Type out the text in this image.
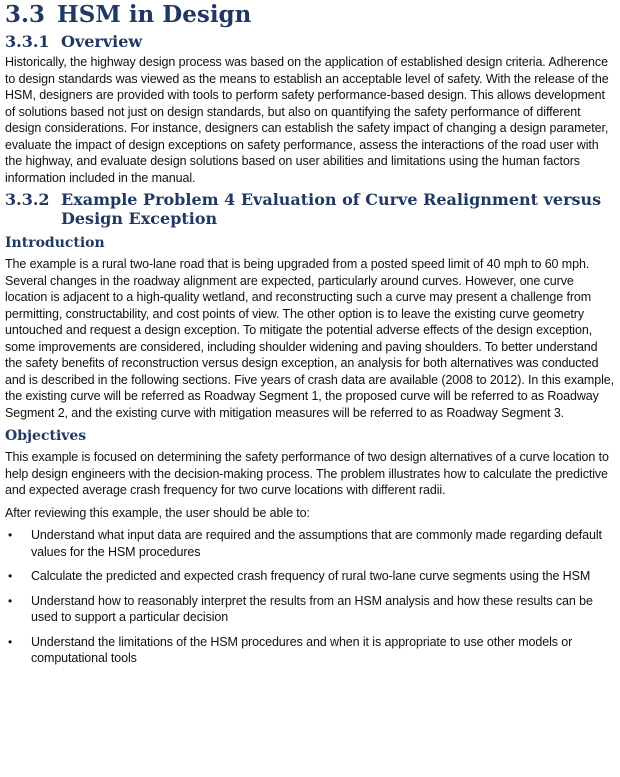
3.3 HSM in Design
3.3.1 Overview

Historically, the highway design process was based on the application of established design criteria. Adherence to design standards was viewed as the means to establish an acceptable level of safety. With the release of the HSM, designers are provided with tools to perform safety performance-based design. This allows development of solutions based not just on design standards, but also on quantifying the safety performance of different design considerations. For instance, designers can establish the safety impact of changing a design parameter, evaluate the impact of design exceptions on safety performance, assess the interactions of the road user with the highway, and evaluate design solutions based on user abilities and limitations using the human factors information included in the manual.

3.3.2 Example Problem 4 Evaluation of Curve Realignment versus Design Exception
Introduction

The example is a rural two-lane road that is being upgraded from a posted speed limit of 40 mph to 60 mph. Several changes in the roadway alignment are expected, particularly around curves. However, one curve location is adjacent to a high-quality wetland, and reconstructing such a curve may present a challenge from permitting, constructability, and cost points of view. The other option is to leave the existing curve geometry untouched and request a design exception. To mitigate the potential adverse effects of the design exception, some improvements are considered, including shoulder widening and paving shoulders. To better understand the safety benefits of reconstruction versus design exception, an analysis for both alternatives was conducted and is described in the following sections. Five years of crash data are available (2008 to 2012). In this example, the existing curve will be referred as Roadway Segment 1, the proposed curve will be referred to as Roadway Segment 2, and the existing curve with mitigation measures will be referred to as Roadway Segment 3.

Objectives

This example is focused on determining the safety performance of two design alternatives of a curve location to help design engineers with the decision-making process. The problem illustrates how to calculate the predictive and expected average crash frequency for two curve locations with different radii.

After reviewing this example, the user should be able to:

•	Understand what input data are required and the assumptions that are commonly made regarding default values for the HSM procedures
•	Calculate the predicted and expected crash frequency of rural two-lane curve segments using the HSM
•	Understand how to reasonably interpret the results from an HSM analysis and how these results can be used to support a particular decision
•	Understand the limitations of the HSM procedures and when it is appropriate to use other models or computational tools
